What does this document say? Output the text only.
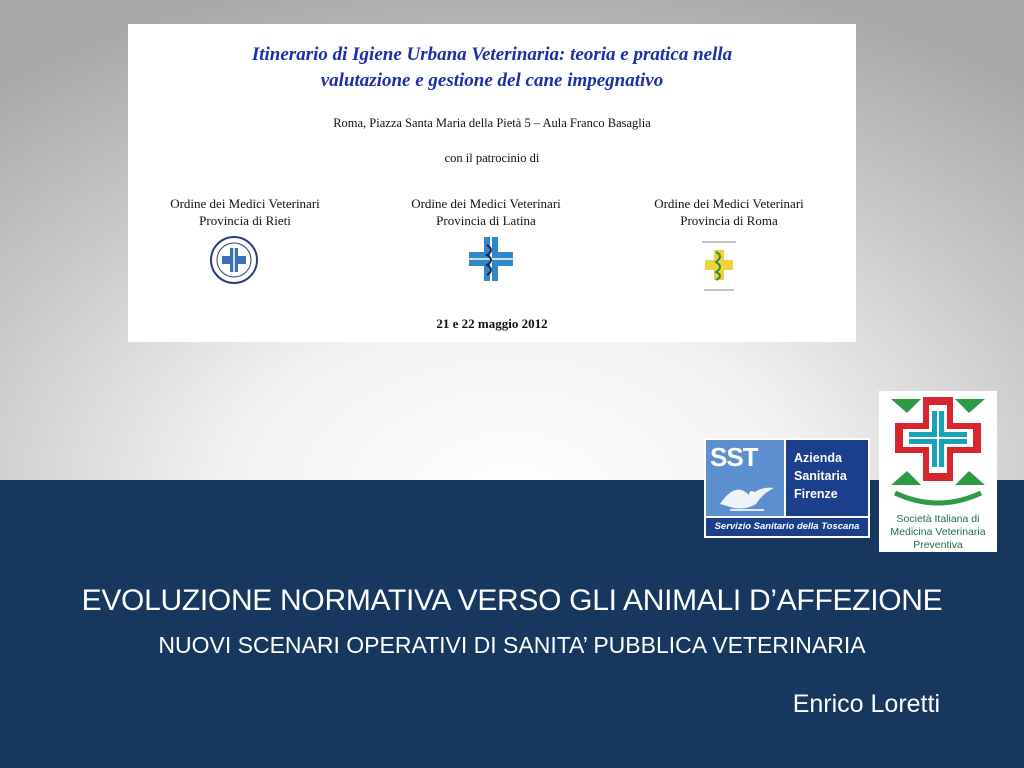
Itinerario di Igiene Urbana Veterinaria: teoria e pratica nella
valutazione e gestione del cane impegnativo
Roma, Piazza Santa Maria della Pietà 5 – Aula Franco Basaglia
con il patrocinio di
Ordine dei Medici Veterinari
Provincia di Rieti
Ordine dei Medici Veterinari
Provincia di Latina
Ordine dei Medici Veterinari
Provincia di Roma
21 e 22 maggio 2012
SST	Azienda
Sanitaria
Firenze
Servizio Sanitario della Toscana
Società Italiana di
Medicina Veterinaria
Preventiva
EVOLUZIONE NORMATIVA VERSO GLI ANIMALI D’AFFEZIONE
NUOVI SCENARI OPERATIVI DI SANITA’ PUBBLICA VETERINARIA
Enrico Loretti
